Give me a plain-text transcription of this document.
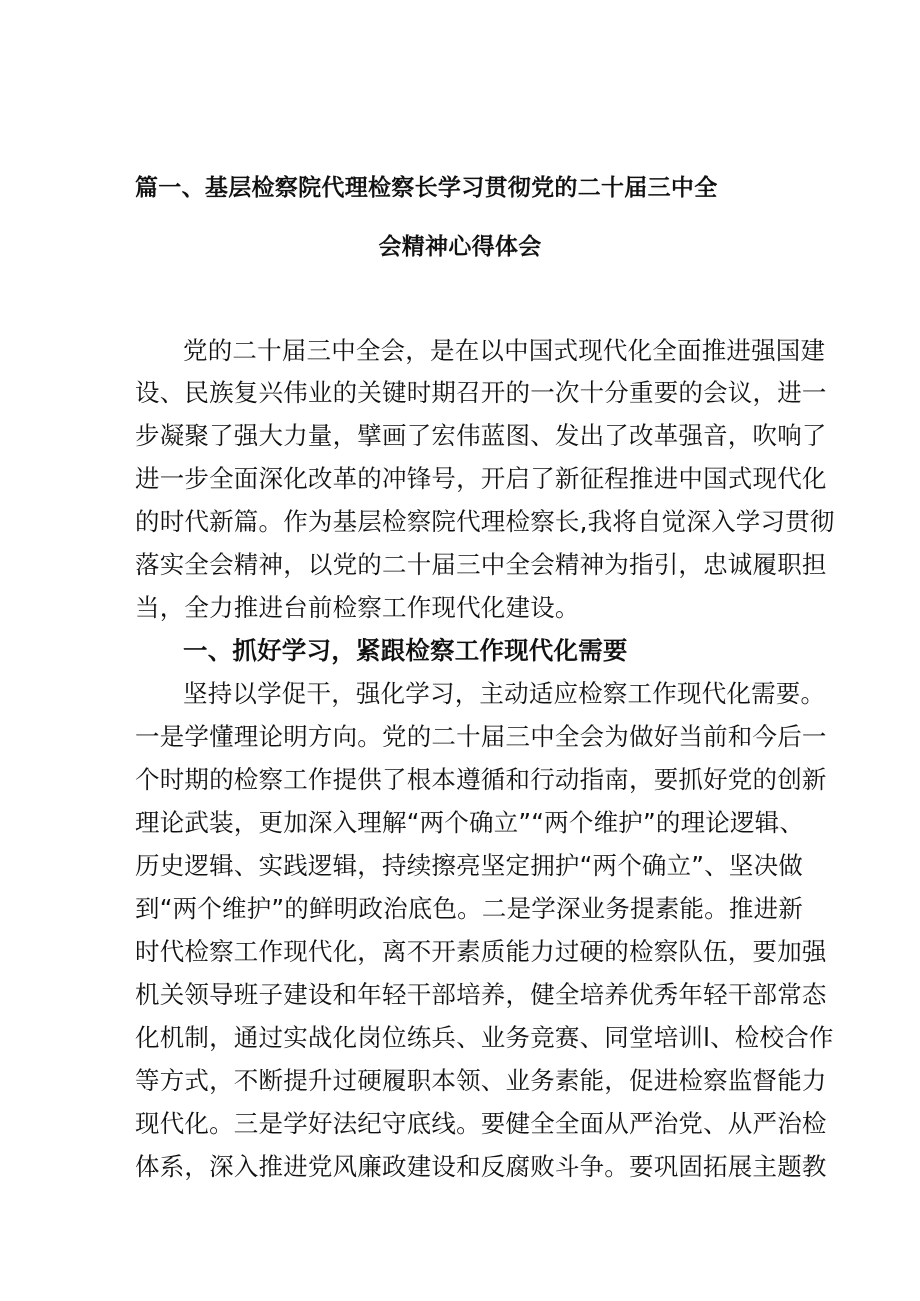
篇一、基层检察院代理检察长学习贯彻党的二十届三中全
会精神心得体会
党的二十届三中全会，是在以中国式现代化全面推进强国建
设、民族复兴伟业的关键时期召开的一次十分重要的会议，进一
步凝聚了强大力量，擘画了宏伟蓝图、发出了改革强音，吹响了
进一步全面深化改革的冲锋号，开启了新征程推进中国式现代化
的时代新篇。作为基层检察院代理检察长,我将自觉深入学习贯彻
落实全会精神，以党的二十届三中全会精神为指引，忠诚履职担
当，全力推进台前检察工作现代化建设。
一、抓好学习，紧跟检察工作现代化需要
坚持以学促干，强化学习，主动适应检察工作现代化需要。
一是学懂理论明方向。党的二十届三中全会为做好当前和今后一
个时期的检察工作提供了根本遵循和行动指南，要抓好党的创新
理论武装，更加深入理解“两个确立”“两个维护”的理论逻辑、
历史逻辑、实践逻辑，持续擦亮坚定拥护“两个确立”、坚决做
到“两个维护”的鲜明政治底色。二是学深业务提素能。推进新
时代检察工作现代化，离不开素质能力过硬的检察队伍，要加强
机关领导班子建设和年轻干部培养，健全培养优秀年轻干部常态
化机制，通过实战化岗位练兵、业务竞赛、同堂培训l、检校合作
等方式，不断提升过硬履职本领、业务素能，促进检察监督能力
现代化。三是学好法纪守底线。要健全全面从严治党、从严治检
体系，深入推进党风廉政建设和反腐败斗争。要巩固拓展主题教
